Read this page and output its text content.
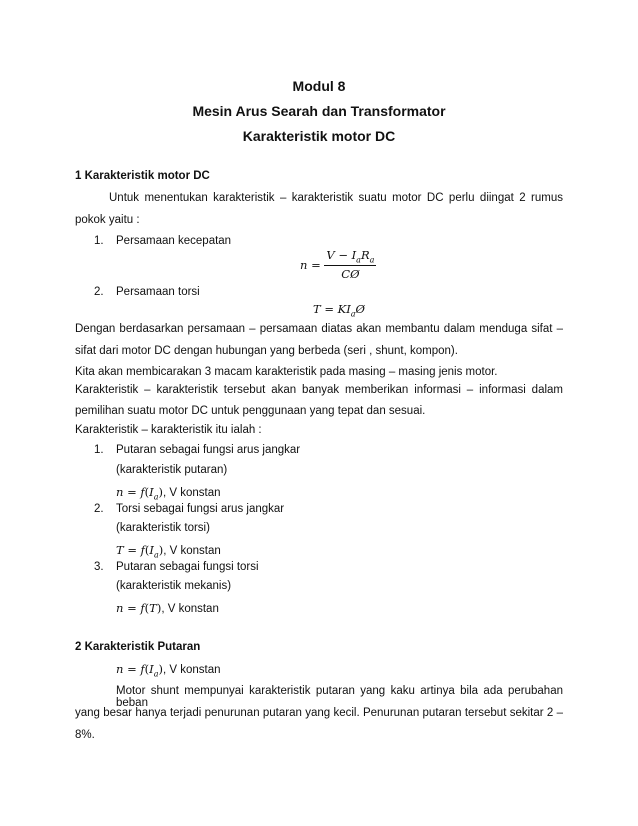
Modul 8
Mesin Arus Searah dan Transformator
Karakteristik motor DC
1 Karakteristik motor DC
Untuk menentukan karakteristik – karakteristik suatu motor DC perlu diingat 2 rumus
pokok yaitu :
1. Persamaan kecepatan
$n = \frac{V - I_aR_a}{CØ}$
2. Persamaan torsi
$T = KI_aØ$
Dengan berdasarkan persamaan – persamaan diatas akan membantu dalam menduga sifat –
sifat dari motor DC dengan hubungan yang berbeda (seri , shunt, kompon).
Kita akan membicarakan 3 macam karakteristik pada masing – masing jenis motor.
Karakteristik – karakteristik tersebut akan banyak memberikan informasi – informasi dalam
pemilihan suatu motor DC untuk penggunaan yang tepat dan sesuai.
Karakteristik – karakteristik itu ialah :
1. Putaran sebagai fungsi arus jangkar
(karakteristik putaran)
$n = f(I_a)$, V konstan
2. Torsi sebagai fungsi arus jangkar
(karakteristik torsi)
$T = f(I_a)$, V konstan
3. Putaran sebagai fungsi torsi
(karakteristik mekanis)
n = f(T), V konstan
2 Karakteristik Putaran
$n = f(I_a)$, V konstan
Motor shunt mempunyai karakteristik putaran yang kaku artinya bila ada perubahan beban
yang besar hanya terjadi penurunan putaran yang kecil. Penurunan putaran tersebut sekitar 2 –
8%.
